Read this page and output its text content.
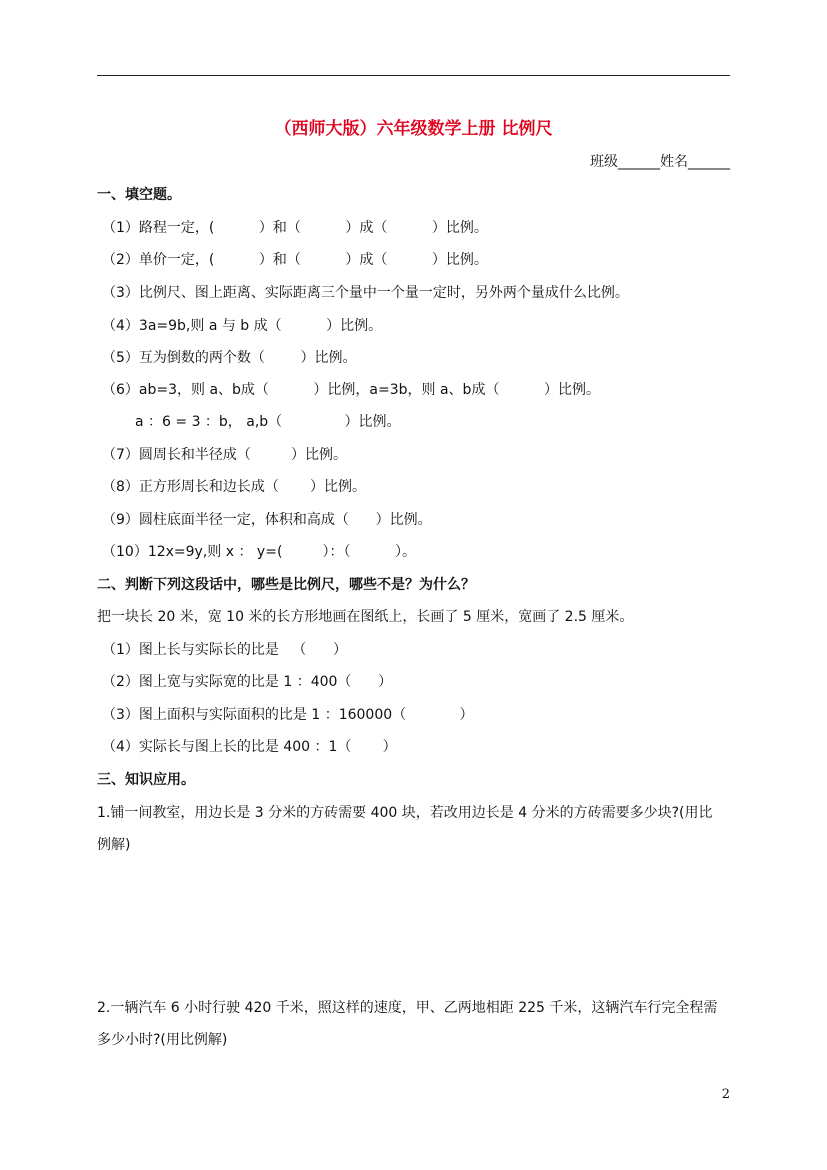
（西师大版）六年级数学上册 比例尺
班级______姓名______
一、填空题。
（1）路程一定，(          ）和（          ）成（          ）比例。
（2）单价一定，(          ）和（          ）成（          ）比例。
（3）比例尺、图上距离、实际距离三个量中一个量一定时，另外两个量成什么比例。
（4）3a=9b,则 a 与 b 成（          ）比例。
（5）互为倒数的两个数（        ）比例。
（6）ab=3，则 a、b成（          ）比例，a=3b，则 a、b成（          ）比例。
a ：6 = 3 ：b， a,b（              ）比例。
（7）圆周长和半径成（         ）比例。
（8）正方形周长和边长成（       ）比例。
（9）圆柱底面半径一定，体积和高成（      ）比例。
（10）12x=9y,则 x ： y=(         ）：（          ）。
二、判断下列这段话中，哪些是比例尺，哪些不是？为什么？
把一块长 20 米，宽 10 米的长方形地画在图纸上，长画了 5 厘米，宽画了 2.5 厘米。
（1）图上长与实际长的比是   （      ）
（2）图上宽与实际宽的比是 1 ：400（      ）
（3）图上面积与实际面积的比是 1 ：160000（            ）
（4）实际长与图上长的比是 400 ：1（       ）
三、知识应用。
1.铺一间教室，用边长是 3 分米的方砖需要 400 块，若改用边长是 4 分米的方砖需要多少块?(用比
例解)
2.一辆汽车 6 小时行驶 420 千米，照这样的速度，甲、乙两地相距 225 千米，这辆汽车行完全程需
多少小时?(用比例解)
2
